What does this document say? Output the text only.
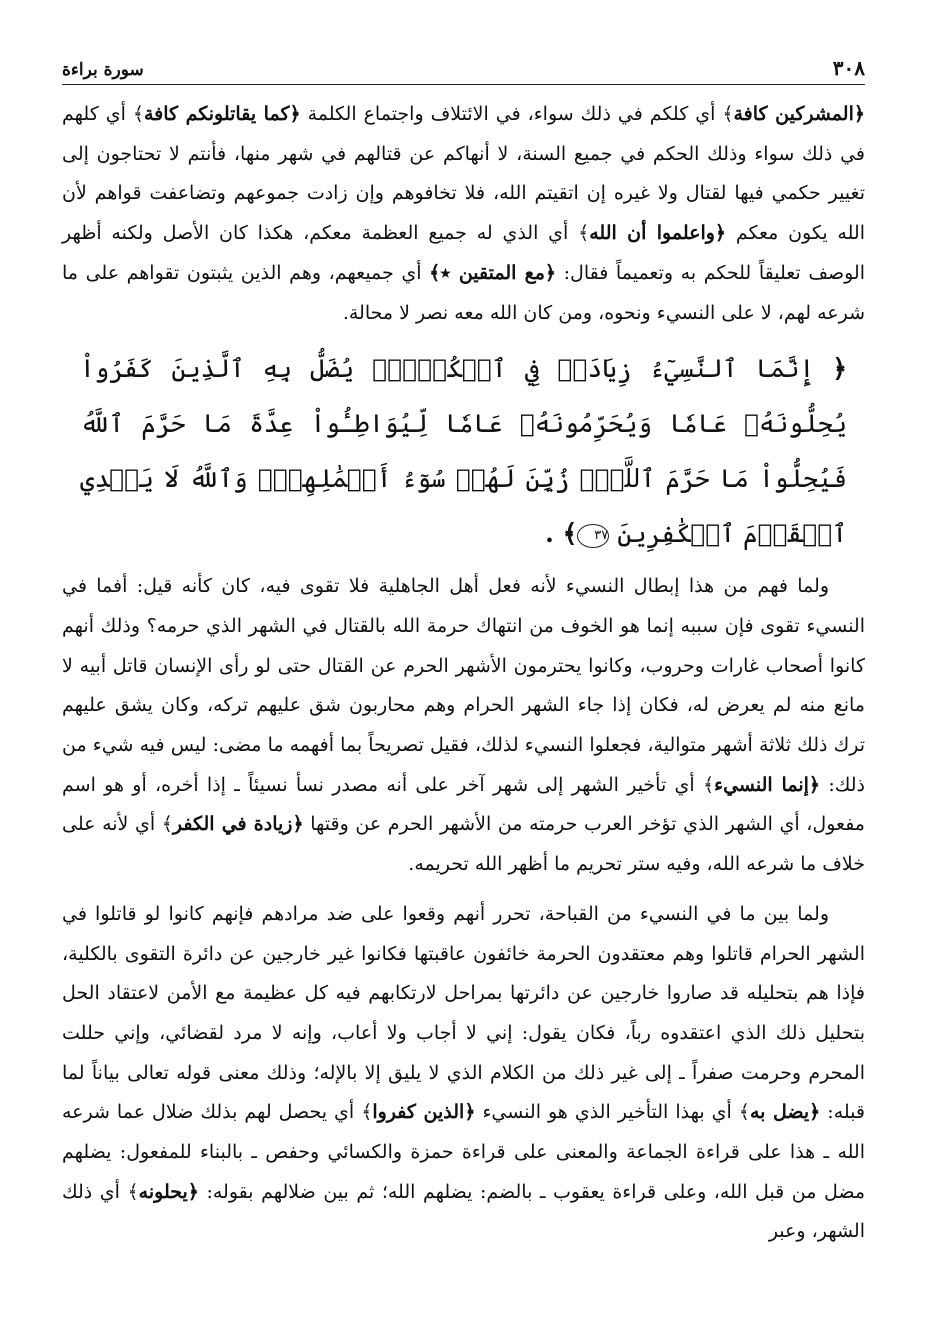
٣٠٨
سورة براءة

﴿المشركين كافة﴾ أي كلكم في ذلك سواء، في الائتلاف واجتماع الكلمة ﴿كما يقاتلونكم كافة﴾ أي كلهم في ذلك سواء وذلك الحكم في جميع السنة، لا أنهاكم عن قتالهم في شهر منها، فأنتم لا تحتاجون إلى تغيير حكمي فيها لقتال ولا غيره إن اتقيتم الله، فلا تخافوهم وإن زادت جموعهم وتضاعفت قواهم لأن الله يكون معكم ﴿واعلموا أن الله﴾ أي الذي له جميع العظمة معكم، هكذا كان الأصل ولكنه أظهر الوصف تعليقاً للحكم به وتعميماً فقال: ﴿مع المتقين ٭﴾ أي جميعهم، وهم الذين يثبتون تقواهم على ما شرعه لهم، لا على النسيء ونحوه، ومن كان الله معه نصر لا محالة.

﴿ إِنَّمَا ٱلنَّسِيٓءُ زِيَادَةٞ فِي ٱلۡكُفۡرِۖ يُضَلُّ بِهِ ٱلَّذِينَ كَفَرُواْ يُحِلُّونَهُۥ عَامٗا وَيُحَرِّمُونَهُۥ عَامٗا لِّيُوَاطِـُٔواْ عِدَّةَ مَا حَرَّمَ ٱللَّهُ فَيُحِلُّواْ مَا حَرَّمَ ٱللَّهُۚ زُيِّنَ لَهُمۡ سُوٓءُ أَعۡمَٰلِهِمۡۗ وَٱللَّهُ لَا يَهۡدِي ٱلۡقَوۡمَ ٱلۡكَٰفِرِينَ ٣٧﴾ .

ولما فهم من هذا إبطال النسيء لأنه فعل أهل الجاهلية فلا تقوى فيه، كان كأنه قيل: أفما في النسيء تقوى فإن سببه إنما هو الخوف من انتهاك حرمة الله بالقتال في الشهر الذي حرمه؟ وذلك أنهم كانوا أصحاب غارات وحروب، وكانوا يحترمون الأشهر الحرم عن القتال حتى لو رأى الإنسان قاتل أبيه لا مانع منه لم يعرض له، فكان إذا جاء الشهر الحرام وهم محاربون شق عليهم تركه، وكان يشق عليهم ترك ذلك ثلاثة أشهر متوالية، فجعلوا النسيء لذلك، فقيل تصريحاً بما أفهمه ما مضى: ليس فيه شيء من ذلك: ﴿إنما النسيء﴾ أي تأخير الشهر إلى شهر آخر على أنه مصدر نسأ نسيئاً ـ إذا أخره، أو هو اسم مفعول، أي الشهر الذي تؤخر العرب حرمته من الأشهر الحرم عن وقتها ﴿زيادة في الكفر﴾ أي لأنه على خلاف ما شرعه الله، وفيه ستر تحريم ما أظهر الله تحريمه.

ولما بين ما في النسيء من القباحة، تحرر أنهم وقعوا على ضد مرادهم فإنهم كانوا لو قاتلوا في الشهر الحرام قاتلوا وهم معتقدون الحرمة خائفون عاقبتها فكانوا غير خارجين عن دائرة التقوى بالكلية، فإذا هم بتحليله قد صاروا خارجين عن دائرتها بمراحل لارتكابهم فيه كل عظيمة مع الأمن لاعتقاد الحل بتحليل ذلك الذي اعتقدوه رباً، فكان يقول: إني لا أجاب ولا أعاب، وإنه لا مرد لقضائي، وإني حللت المحرم وحرمت صفراً ـ إلى غير ذلك من الكلام الذي لا يليق إلا بالإله؛ وذلك معنى قوله تعالى بياناً لما قبله: ﴿يضل به﴾ أي بهذا التأخير الذي هو النسيء ﴿الذين كفروا﴾ أي يحصل لهم بذلك ضلال عما شرعه الله ـ هذا على قراءة الجماعة والمعنى على قراءة حمزة والكسائي وحفص ـ بالبناء للمفعول: يضلهم مضل من قبل الله، وعلى قراءة يعقوب ـ بالضم: يضلهم الله؛ ثم بين ضلالهم بقوله: ﴿يحلونه﴾ أي ذلك الشهر، وعبر
